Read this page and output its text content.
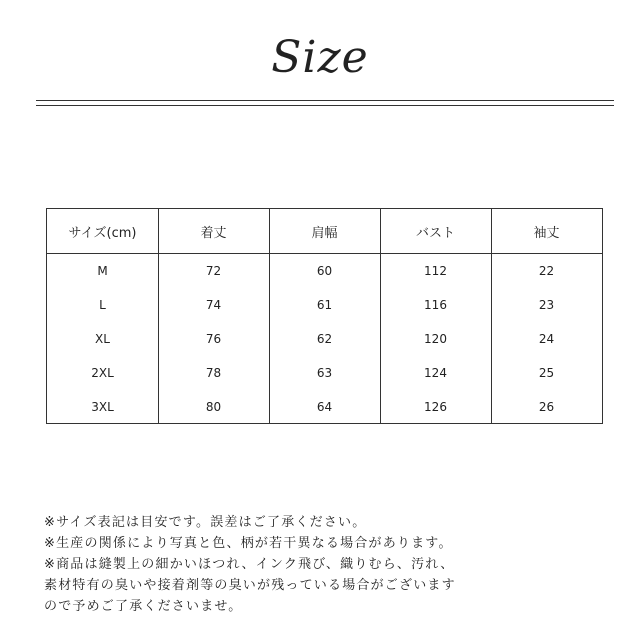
Size
サイズ(cm)	着丈	肩幅	バスト	袖丈
M	72	60	112	22
L	74	61	116	23
XL	76	62	120	24
2XL	78	63	124	25
3XL	80	64	126	26
※サイズ表記は目安です。誤差はご了承ください。
※生産の関係により写真と色、柄が若干異なる場合があります。
※商品は縫製上の細かいほつれ、インク飛び、織りむら、汚れ、
素材特有の臭いや接着剤等の臭いが残っている場合がございます
ので予めご了承くださいませ。
